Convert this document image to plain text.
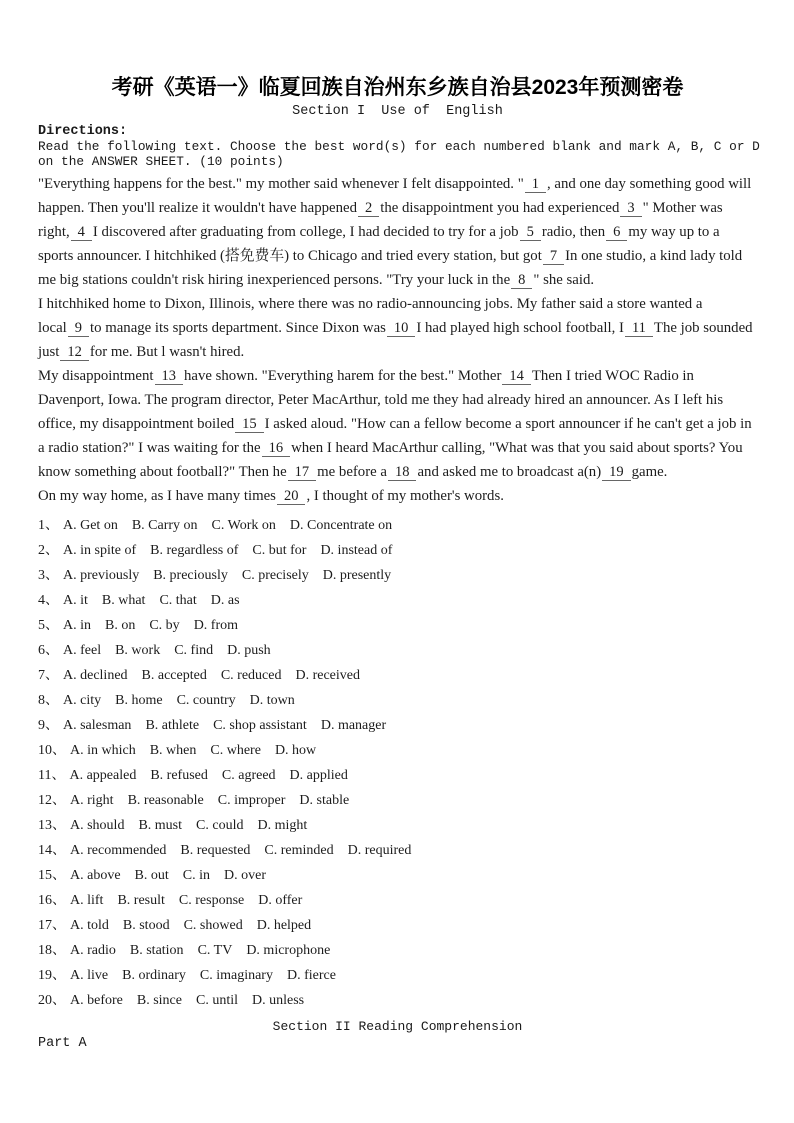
考研《英语一》临夏回族自治州东乡族自治县2023年预测密卷
Section I  Use of  English
Directions:
Read the following text. Choose the best word(s) for each numbered blank and mark A, B, C or D on the ANSWER SHEET. (10 points)

"Everything happens for the best." my mother said whenever I felt disappointed. " 1 , and one day something good will happen. Then you'll realize it wouldn't have happened 2 the disappointment you had experienced 3 " Mother was right, 4 I discovered after graduating from college, I had decided to try for a job 5 radio, then 6 my way up to a sports announcer. I hitchhiked (搭免费车) to Chicago and tried every station, but got 7 In one studio, a kind lady told me big stations couldn't risk hiring inexperienced persons. "Try your luck in the 8 " she said.

I hitchhiked home to Dixon, Illinois, where there was no radio-announcing jobs. My father said a store wanted a local 9 to manage its sports department. Since Dixon was 10 I had played high school football, I 11 The job sounded just 12 for me. But l wasn't hired.

My disappointment 13 have shown. "Everything harem for the best." Mother 14 Then I tried WOC Radio in Davenport, Iowa. The program director, Peter MacArthur, told me they had already hired an announcer. As I left his office, my disappointment boiled 15 I asked aloud. "How can a fellow become a sport announcer if he can't get a job in a radio station?" I was waiting for the 16 when I heard MacArthur calling, "What was that you said about sports? You know something about football?" Then he 17 me before a 18 and asked me to broadcast a(n) 19 game.

On my way home, as I have many times 20 , I thought of my mother's words.

1、 A. Get on B. Carry on C. Work on D. Concentrate on
2、 A. in spite of B. regardless of C. but for D. instead of
3、 A. previously B. preciously C. precisely D. presently
4、 A. it B. what C. that D. as
5、 A. in B. on C. by D. from
6、 A. feel B. work C. find D. push
7、 A. declined B. accepted C. reduced D. received
8、 A. city B. home C. country D. town
9、 A. salesman B. athlete C. shop assistant D. manager
10、 A. in which B. when C. where D. how
11、 A. appealed B. refused C. agreed D. applied
12、 A. right B. reasonable C. improper D. stable
13、 A. should B. must C. could D. might
14、 A. recommended B. requested C. reminded D. required
15、 A. above B. out C. in D. over
16、 A. lift B. result C. response D. offer
17、 A. told B. stood C. showed D. helped
18、 A. radio B. station C. TV D. microphone
19、 A. live B. ordinary C. imaginary D. fierce
20、 A. before B. since C. until D. unless
Section II Reading Comprehension
Part A
